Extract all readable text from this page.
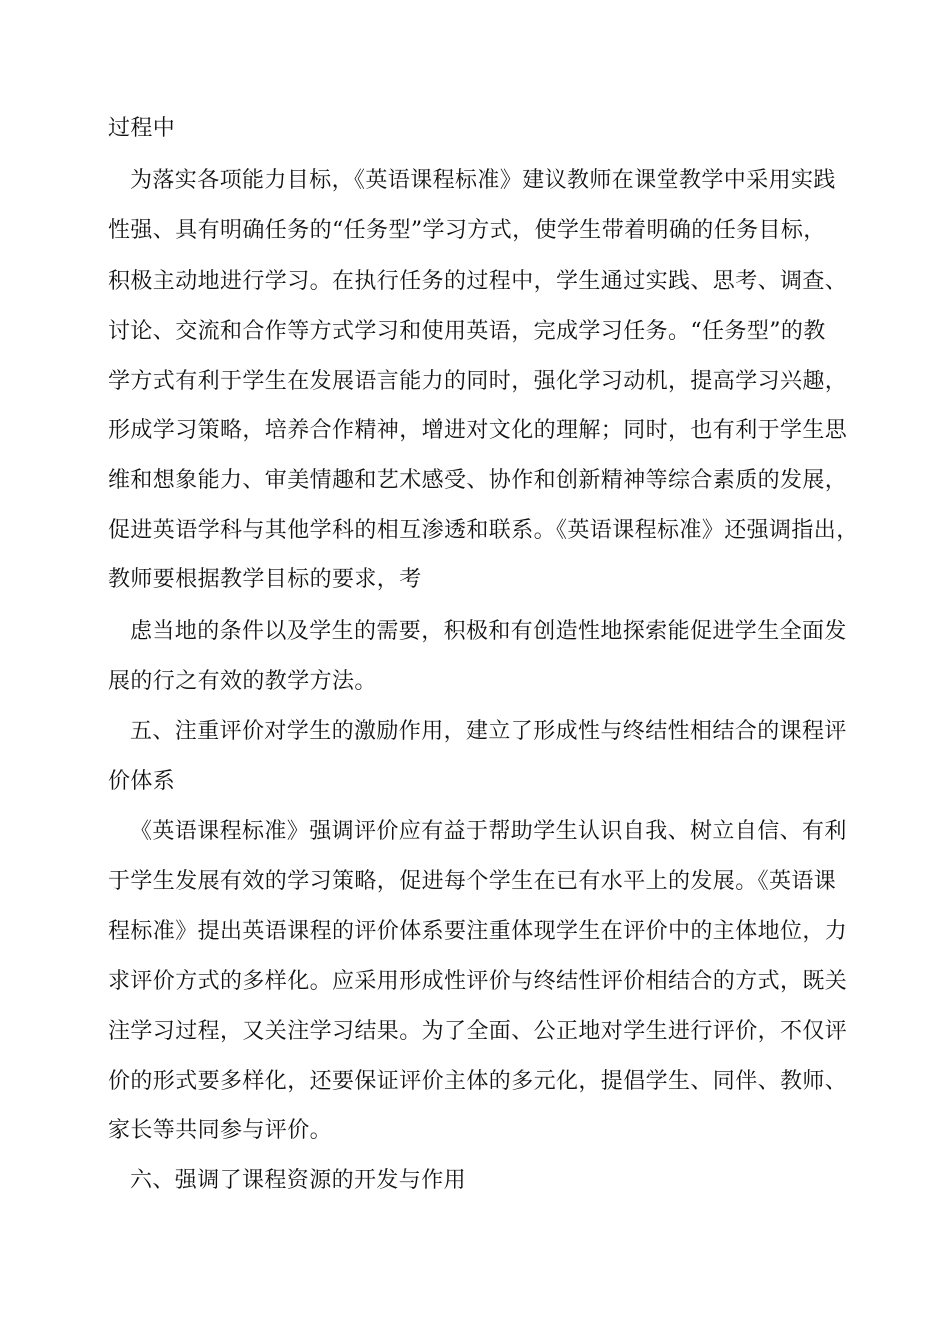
过程中

为落实各项能力目标，《英语课程标准》建议教师在课堂教学中采用实践

性强、具有明确任务的“任务型”学习方式，使学生带着明确的任务目标，

积极主动地进行学习。在执行任务的过程中，学生通过实践、思考、调查、

讨论、交流和合作等方式学习和使用英语，完成学习任务。“任务型”的教

学方式有利于学生在发展语言能力的同时，强化学习动机，提高学习兴趣，

形成学习策略，培养合作精神，增进对文化的理解；同时，也有利于学生思

维和想象能力、审美情趣和艺术感受、协作和创新精神等综合素质的发展，

促进英语学科与其他学科的相互渗透和联系。《英语课程标准》还强调指出，

教师要根据教学目标的要求，考

虑当地的条件以及学生的需要，积极和有创造性地探索能促进学生全面发

展的行之有效的教学方法。

五、注重评价对学生的激励作用，建立了形成性与终结性相结合的课程评

价体系

《英语课程标准》强调评价应有益于帮助学生认识自我、树立自信、有利

于学生发展有效的学习策略，促进每个学生在已有水平上的发展。《英语课

程标准》提出英语课程的评价体系要注重体现学生在评价中的主体地位，力

求评价方式的多样化。应采用形成性评价与终结性评价相结合的方式，既关

注学习过程，又关注学习结果。为了全面、公正地对学生进行评价，不仅评

价的形式要多样化，还要保证评价主体的多元化，提倡学生、同伴、教师、

家长等共同参与评价。

六、强调了课程资源的开发与作用
